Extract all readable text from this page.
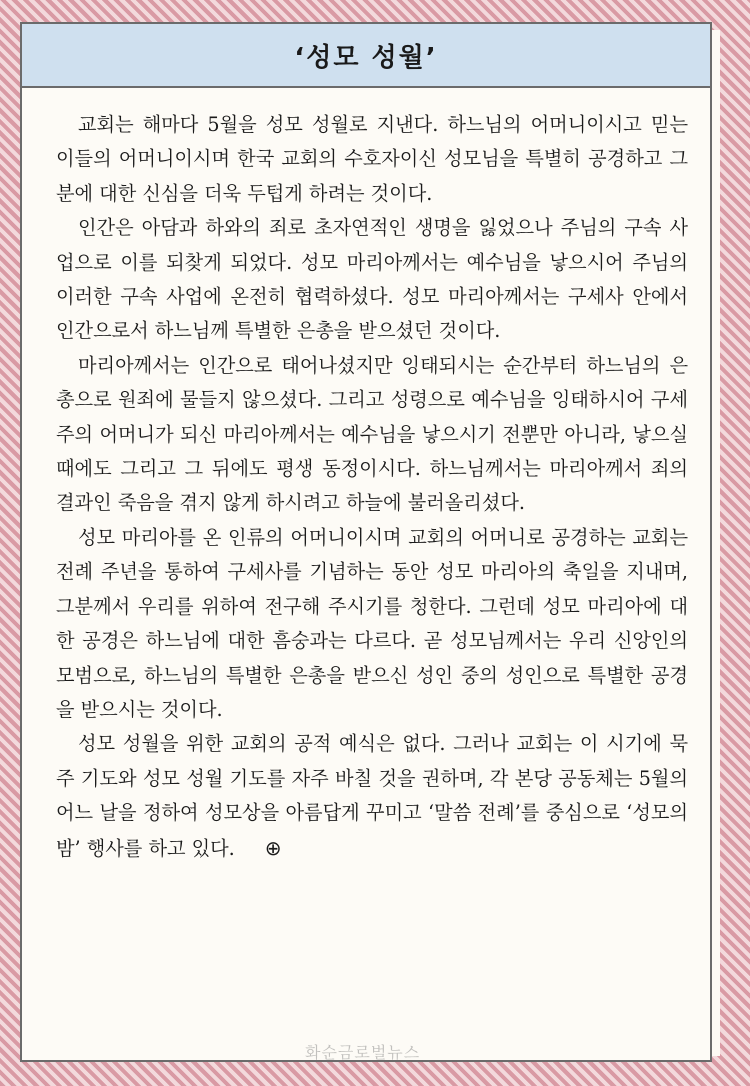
‘성모 성월’

교회는 해마다 5월을 성모 성월로 지낸다. 하느님의 어머니이시고 믿는 이들의 어머니이시며 한국 교회의 수호자이신 성모님을 특별히 공경하고 그분에 대한 신심을 더욱 두텁게 하려는 것이다.

인간은 아담과 하와의 죄로 초자연적인 생명을 잃었으나 주님의 구속 사업으로 이를 되찾게 되었다. 성모 마리아께서는 예수님을 낳으시어 주님의 이러한 구속 사업에 온전히 협력하셨다. 성모 마리아께서는 구세사 안에서 인간으로서 하느님께 특별한 은총을 받으셨던 것이다.

마리아께서는 인간으로 태어나셨지만 잉태되시는 순간부터 하느님의 은총으로 원죄에 물들지 않으셨다. 그리고 성령으로 예수님을 잉태하시어 구세주의 어머니가 되신 마리아께서는 예수님을 낳으시기 전뿐만 아니라, 낳으실 때에도 그리고 그 뒤에도 평생 동정이시다. 하느님께서는 마리아께서 죄의 결과인 죽음을 겪지 않게 하시려고 하늘에 불러올리셨다.

성모 마리아를 온 인류의 어머니이시며 교회의 어머니로 공경하는 교회는 전례 주년을 통하여 구세사를 기념하는 동안 성모 마리아의 축일을 지내며, 그분께서 우리를 위하여 전구해 주시기를 청한다. 그런데 성모 마리아에 대한 공경은 하느님에 대한 흠숭과는 다르다. 곧 성모님께서는 우리 신앙인의 모범으로, 하느님의 특별한 은총을 받으신 성인 중의 성인으로 특별한 공경을 받으시는 것이다.

성모 성월을 위한 교회의 공적 예식은 없다. 그러나 교회는 이 시기에 묵주 기도와 성모 성월 기도를 자주 바칠 것을 권하며, 각 본당 공동체는 5월의 어느 날을 정하여 성모상을 아름답게 꾸미고 ‘말씀 전례’를 중심으로 ‘성모의 밤’ 행사를 하고 있다. ⊕

화순금로벌뉴스
